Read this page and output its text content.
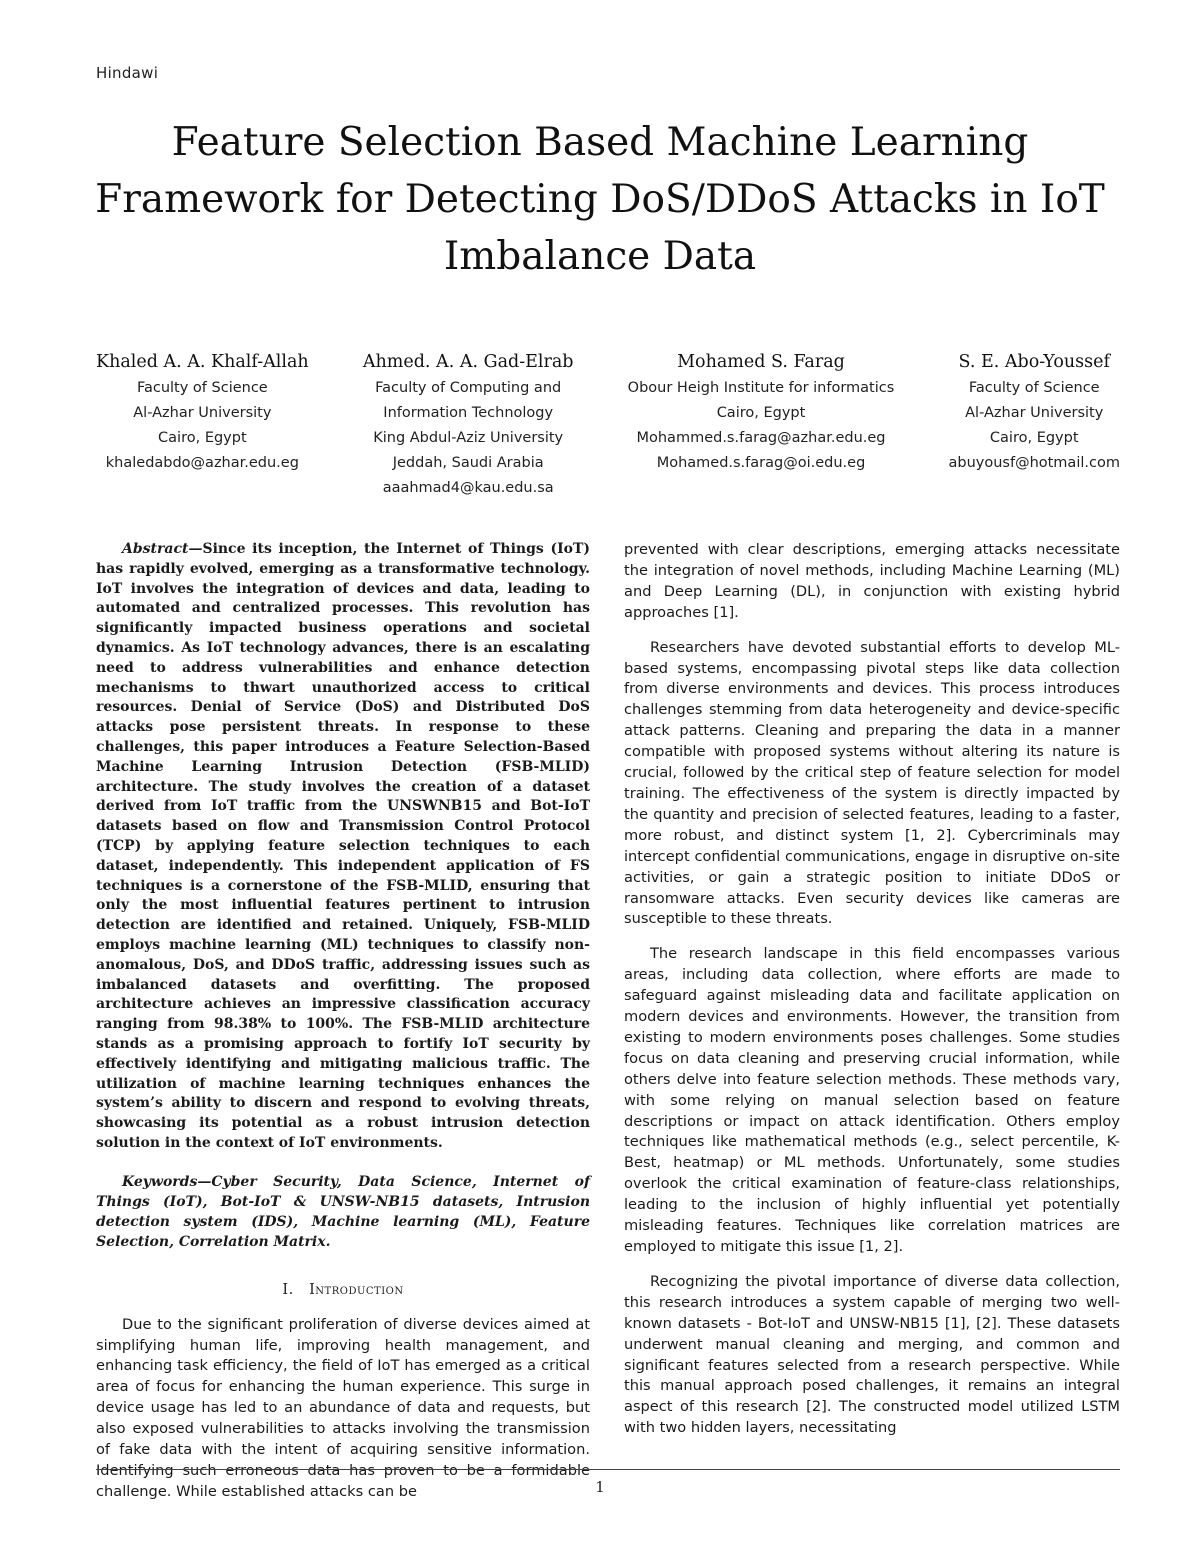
Hindawi
Feature Selection Based Machine Learning Framework for Detecting DoS/DDoS Attacks in IoT Imbalance Data
Khaled A. A. Khalf-Allah
Faculty of Science
Al-Azhar University
Cairo, Egypt
khaledabdo@azhar.edu.eg
Ahmed. A. A. Gad-Elrab
Faculty of Computing and
Information Technology
King Abdul-Aziz University
Jeddah, Saudi Arabia
aaahmad4@kau.edu.sa
Mohamed S. Farag
Obour Heigh Institute for informatics
Cairo, Egypt
Mohammed.s.farag@azhar.edu.eg
Mohamed.s.farag@oi.edu.eg
S. E. Abo-Youssef
Faculty of Science
Al-Azhar University
Cairo, Egypt
abuyousf@hotmail.com

Abstract—Since its inception, the Internet of Things (IoT) has rapidly evolved, emerging as a transformative technology. IoT involves the integration of devices and data, leading to automated and centralized processes. This revolution has significantly impacted business operations and societal dynamics. As IoT technology advances, there is an escalating need to address vulnerabilities and enhance detection mechanisms to thwart unauthorized access to critical resources. Denial of Service (DoS) and Distributed DoS attacks pose persistent threats. In response to these challenges, this paper introduces a Feature Selection-Based Machine Learning Intrusion Detection (FSB-MLID) architecture. The study involves the creation of a dataset derived from IoT traffic from the UNSWNB15 and Bot-IoT datasets based on flow and Transmission Control Protocol (TCP) by applying feature selection techniques to each dataset, independently. This independent application of FS techniques is a cornerstone of the FSB-MLID, ensuring that only the most influential features pertinent to intrusion detection are identified and retained. Uniquely, FSB-MLID employs machine learning (ML) techniques to classify non-anomalous, DoS, and DDoS traffic, addressing issues such as imbalanced datasets and overfitting. The proposed architecture achieves an impressive classification accuracy ranging from 98.38% to 100%. The FSB-MLID architecture stands as a promising approach to fortify IoT security by effectively identifying and mitigating malicious traffic. The utilization of machine learning techniques enhances the system’s ability to discern and respond to evolving threats, showcasing its potential as a robust intrusion detection solution in the context of IoT environments.

Keywords—Cyber Security, Data Science, Internet of Things (IoT), Bot-IoT & UNSW-NB15 datasets, Intrusion detection system (IDS), Machine learning (ML), Feature Selection, Correlation Matrix.

I. Introduction

Due to the significant proliferation of diverse devices aimed at simplifying human life, improving health management, and enhancing task efficiency, the field of IoT has emerged as a critical area of focus for enhancing the human experience. This surge in device usage has led to an abundance of data and requests, but also exposed vulnerabilities to attacks involving the transmission of fake data with the intent of acquiring sensitive information. Identifying such erroneous data has proven to be a formidable challenge. While established attacks can be

prevented with clear descriptions, emerging attacks necessitate the integration of novel methods, including Machine Learning (ML) and Deep Learning (DL), in conjunction with existing hybrid approaches [1].

Researchers have devoted substantial efforts to develop ML-based systems, encompassing pivotal steps like data collection from diverse environments and devices. This process introduces challenges stemming from data heterogeneity and device-specific attack patterns. Cleaning and preparing the data in a manner compatible with proposed systems without altering its nature is crucial, followed by the critical step of feature selection for model training. The effectiveness of the system is directly impacted by the quantity and precision of selected features, leading to a faster, more robust, and distinct system [1, 2]. Cybercriminals may intercept confidential communications, engage in disruptive on-site activities, or gain a strategic position to initiate DDoS or ransomware attacks. Even security devices like cameras are susceptible to these threats.

The research landscape in this field encompasses various areas, including data collection, where efforts are made to safeguard against misleading data and facilitate application on modern devices and environments. However, the transition from existing to modern environments poses challenges. Some studies focus on data cleaning and preserving crucial information, while others delve into feature selection methods. These methods vary, with some relying on manual selection based on feature descriptions or impact on attack identification. Others employ techniques like mathematical methods (e.g., select percentile, K-Best, heatmap) or ML methods. Unfortunately, some studies overlook the critical examination of feature-class relationships, leading to the inclusion of highly influential yet potentially misleading features. Techniques like correlation matrices are employed to mitigate this issue [1, 2].

Recognizing the pivotal importance of diverse data collection, this research introduces a system capable of merging two well-known datasets - Bot-IoT and UNSW-NB15 [1], [2]. These datasets underwent manual cleaning and merging, and common and significant features selected from a research perspective. While this manual approach posed challenges, it remains an integral aspect of this research [2]. The constructed model utilized LSTM with two hidden layers, necessitating

1
